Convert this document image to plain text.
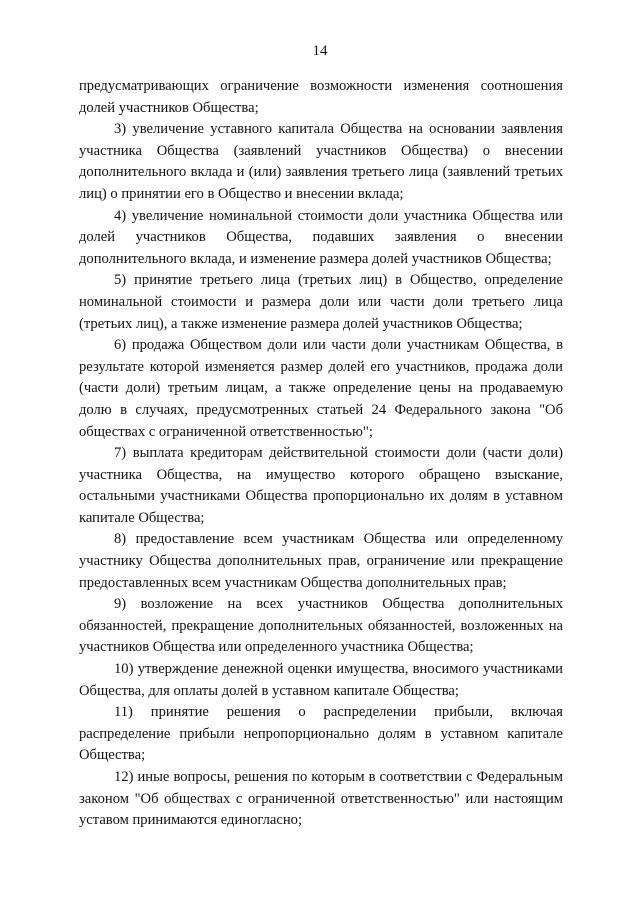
14

предусматривающих ограничение возможности изменения соотношения долей участников Общества;

3) увеличение уставного капитала Общества на основании заявления участника Общества (заявлений участников Общества) о внесении дополнительного вклада и (или) заявления третьего лица (заявлений третьих лиц) о принятии его в Общество и внесении вклада;

4) увеличение номинальной стоимости доли участника Общества или долей участников Общества, подавших заявления о внесении дополнительного вклада, и изменение размера долей участников Общества;

5) принятие третьего лица (третьих лиц) в Общество, определение номинальной стоимости и размера доли или части доли третьего лица (третьих лиц), а также изменение размера долей участников Общества;

6) продажа Обществом доли или части доли участникам Общества, в результате которой изменяется размер долей его участников, продажа доли (части доли) третьим лицам, а также определение цены на продаваемую долю в случаях, предусмотренных статьей 24 Федерального закона "Об обществах с ограниченной ответственностью";

7) выплата кредиторам действительной стоимости доли (части доли) участника Общества, на имущество которого обращено взыскание, остальными участниками Общества пропорционально их долям в уставном капитале Общества;

8) предоставление всем участникам Общества или определенному участнику Общества дополнительных прав, ограничение или прекращение предоставленных всем участникам Общества дополнительных прав;

9) возложение на всех участников Общества дополнительных обязанностей, прекращение дополнительных обязанностей, возложенных на участников Общества или определенного участника Общества;

10) утверждение денежной оценки имущества, вносимого участниками Общества, для оплаты долей в уставном капитале Общества;

11) принятие решения о распределении прибыли, включая распределение прибыли непропорционально долям в уставном капитале Общества;

12) иные вопросы, решения по которым в соответствии с Федеральным законом "Об обществах с ограниченной ответственностью" или настоящим уставом принимаются единогласно;
